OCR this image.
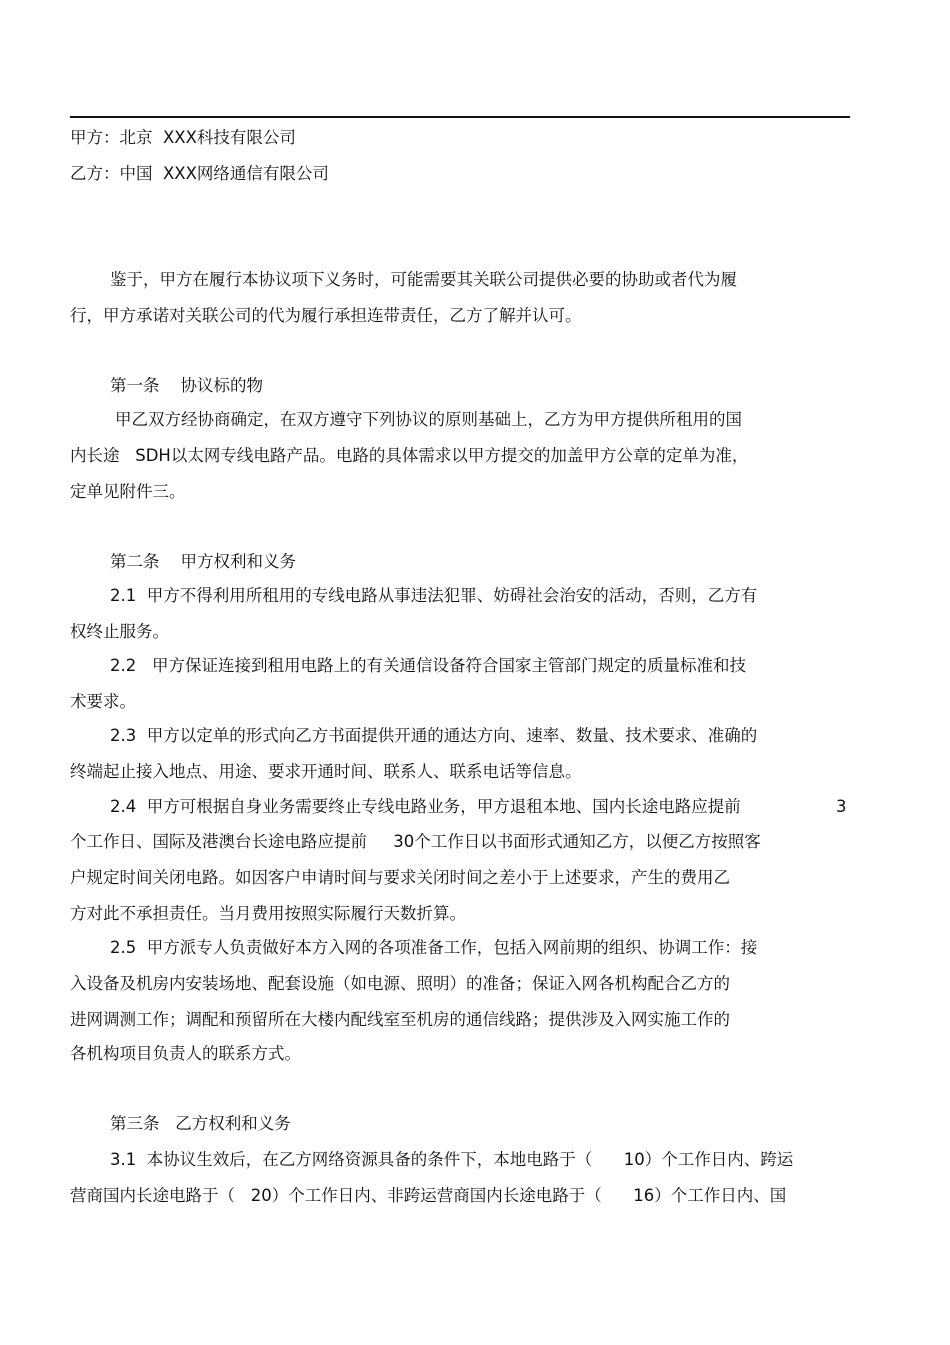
甲方：北京  XXX科技有限公司
乙方：中国  XXX网络通信有限公司
鉴于，甲方在履行本协议项下义务时，可能需要其关联公司提供必要的协助或者代为履
行，甲方承诺对关联公司的代为履行承担连带责任，乙方了解并认可。
第一条    协议标的物
甲乙双方经协商确定，在双方遵守下列协议的原则基础上，乙方为甲方提供所租用的国
内长途   SDH以太网专线电路产品。电路的具体需求以甲方提交的加盖甲方公章的定单为准，
定单见附件三。
第二条    甲方权利和义务
2.1  甲方不得利用所租用的专线电路从事违法犯罪、妨碍社会治安的活动，否则，乙方有
权终止服务。
2.2   甲方保证连接到租用电路上的有关通信设备符合国家主管部门规定的质量标准和技
术要求。
2.3  甲方以定单的形式向乙方书面提供开通的通达方向、速率、数量、技术要求、准确的
终端起止接入地点、用途、要求开通时间、联系人、联系电话等信息。
2.4  甲方可根据自身业务需要终止专线电路业务，甲方退租本地、国内长途电路应提前	3
个工作日、国际及港澳台长途电路应提前     30个工作日以书面形式通知乙方，以便乙方按照客
户规定时间关闭电路。如因客户申请时间与要求关闭时间之差小于上述要求，产生的费用乙
方对此不承担责任。当月费用按照实际履行天数折算。
2.5  甲方派专人负责做好本方入网的各项准备工作，包括入网前期的组织、协调工作：接
入设备及机房内安装场地、配套设施（如电源、照明）的准备；保证入网各机构配合乙方的
进网调测工作；调配和预留所在大楼内配线室至机房的通信线路；提供涉及入网实施工作的
各机构项目负责人的联系方式。
第三条   乙方权利和义务
3.1  本协议生效后，在乙方网络资源具备的条件下，本地电路于（      10）个工作日内、跨运
营商国内长途电路于（   20）个工作日内、非跨运营商国内长途电路于（      16）个工作日内、国
